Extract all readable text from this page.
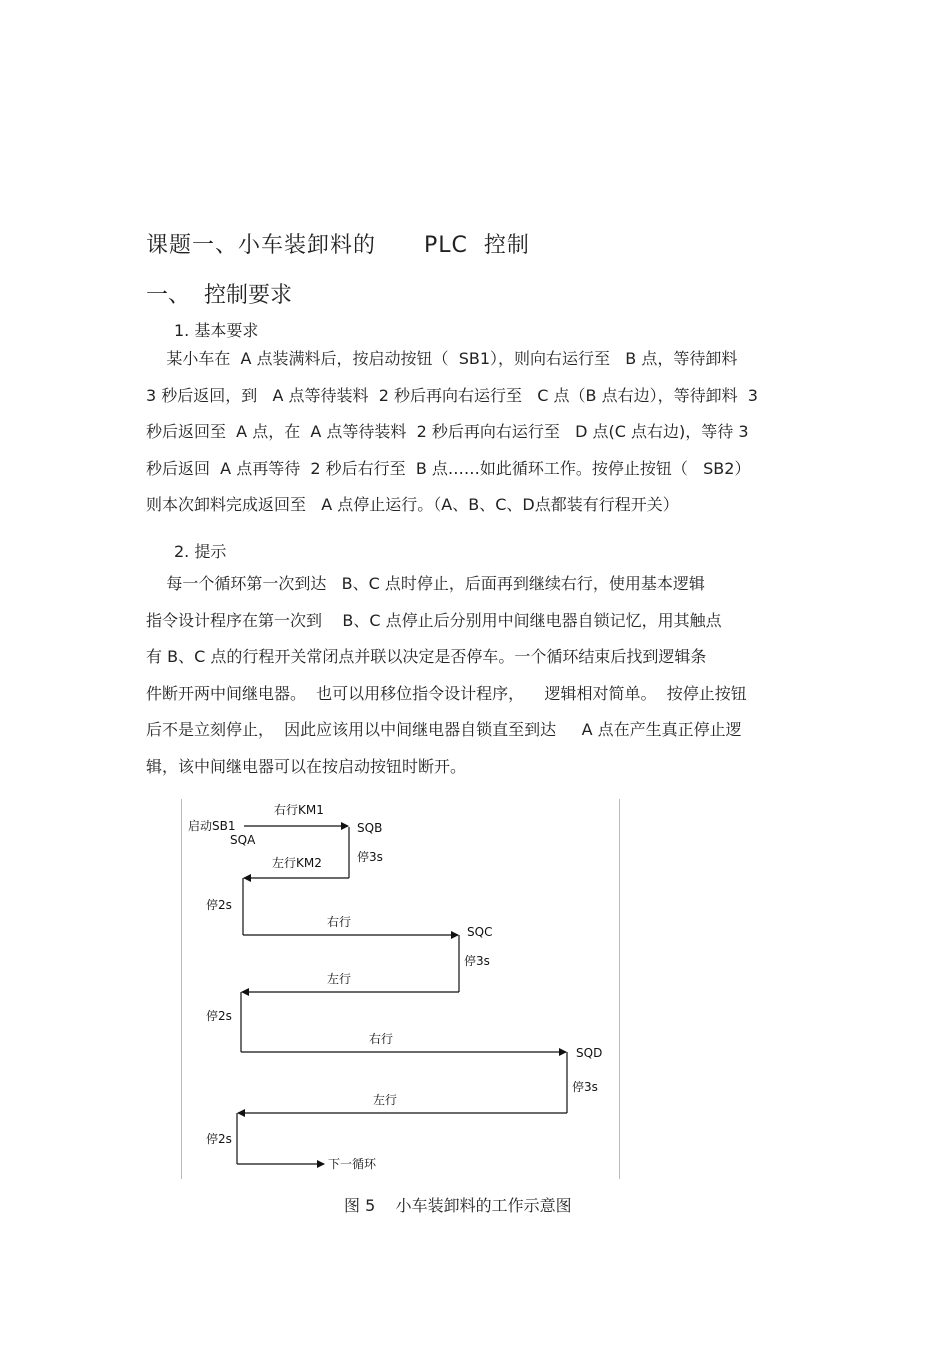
课题一、小车装卸料的      PLC  控制
一、  控制要求
1. 基本要求
某小车在  A 点装满料后，按启动按钮（  SB1），则向右运行至   B 点，等待卸料
3 秒后返回，到   A 点等待装料  2 秒后再向右运行至   C 点（B 点右边），等待卸料  3
秒后返回至  A 点，在  A 点等待装料  2 秒后再向右运行至   D 点(C 点右边)，等待 3
秒后返回  A 点再等待  2 秒后右行至  B 点……如此循环工作。按停止按钮（   SB2）
则本次卸料完成返回至   A 点停止运行。（A、B、C、D点都装有行程开关）
2. 提示
每一个循环第一次到达   B、C 点时停止，后面再到继续右行，使用基本逻辑
指令设计程序在第一次到    B、C 点停止后分别用中间继电器自锁记忆，用其触点
有 B、C 点的行程开关常闭点并联以决定是否停车。一个循环结束后找到逻辑条
件断开两中间继电器。  也可以用移位指令设计程序，    逻辑相对简单。  按停止按钮
后不是立刻停止，  因此应该用以中间继电器自锁直至到达     A 点在产生真正停止逻
辑，该中间继电器可以在按启动按钮时断开。
启动SB1
SQA
右行KM1
SQB
停3s
左行KM2
停2s
右行
SQC
停3s
左行
停2s
右行
SQD
停3s
左行
停2s
下一循环
图 5    小车装卸料的工作示意图
